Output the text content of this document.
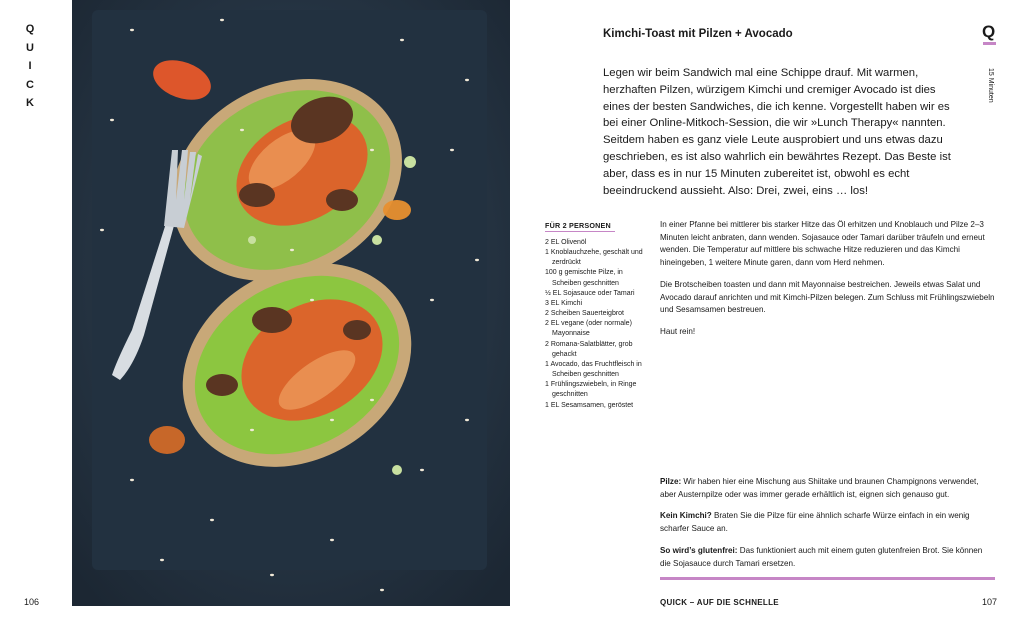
Q
U
I
C
K
106
Kimchi-Toast mit Pilzen + Avocado	Q
15 Minuten
Legen wir beim Sandwich mal eine Schippe drauf. Mit warmen, herzhaften Pilzen, würzigem Kimchi und cremiger Avocado ist dies eines der besten Sandwiches, die ich kenne. Vorgestellt haben wir es bei einer Online-Mitkoch-Session, die wir »Lunch Therapy« nannten. Seitdem haben es ganz viele Leute ausprobiert und uns etwas dazu geschrieben, es ist also wahrlich ein bewährtes Rezept. Das Beste ist aber, dass es in nur 15 Minuten zubereitet ist, obwohl es echt beeindruckend aussieht. Also: Drei, zwei, eins … los!
FÜR 2 PERSONEN
2 EL Olivenöl
1 Knoblauchzehe, geschält und zerdrückt
100 g gemischte Pilze, in Scheiben geschnitten
½ EL Sojasauce oder Tamari
3 EL Kimchi
2 Scheiben Sauerteigbrot
2 EL vegane (oder normale) Mayonnaise
2 Romana-Salatblätter, grob gehackt
1 Avocado, das Fruchtfleisch in Scheiben geschnitten
1 Frühlingszwiebeln, in Ringe geschnitten
1 EL Sesamsamen, geröstet

In einer Pfanne bei mittlerer bis starker Hitze das Öl erhitzen und Knoblauch und Pilze 2–3 Minuten leicht anbraten, dann wenden. Sojasauce oder Tamari darüber träufeln und erneut wenden. Die Temperatur auf mittlere bis schwache Hitze reduzieren und das Kimchi hineingeben, 1 weitere Minute garen, dann vom Herd nehmen.

Die Brotscheiben toasten und dann mit Mayonnaise bestreichen. Jeweils etwas Salat und Avocado darauf anrichten und mit Kimchi-Pilzen belegen. Zum Schluss mit Frühlingszwiebeln und Sesamsamen bestreuen.

Haut rein!

Pilze: Wir haben hier eine Mischung aus Shiitake und braunen Champignons verwendet, aber Austernpilze oder was immer gerade erhältlich ist, eignen sich genauso gut.

Kein Kimchi? Braten Sie die Pilze für eine ähnlich scharfe Würze einfach in ein wenig scharfer Sauce an.

So wird’s glutenfrei: Das funktioniert auch mit einem guten glutenfreien Brot. Sie können die Sojasauce durch Tamari ersetzen.

QUICK – AUF DIE SCHNELLE	107
